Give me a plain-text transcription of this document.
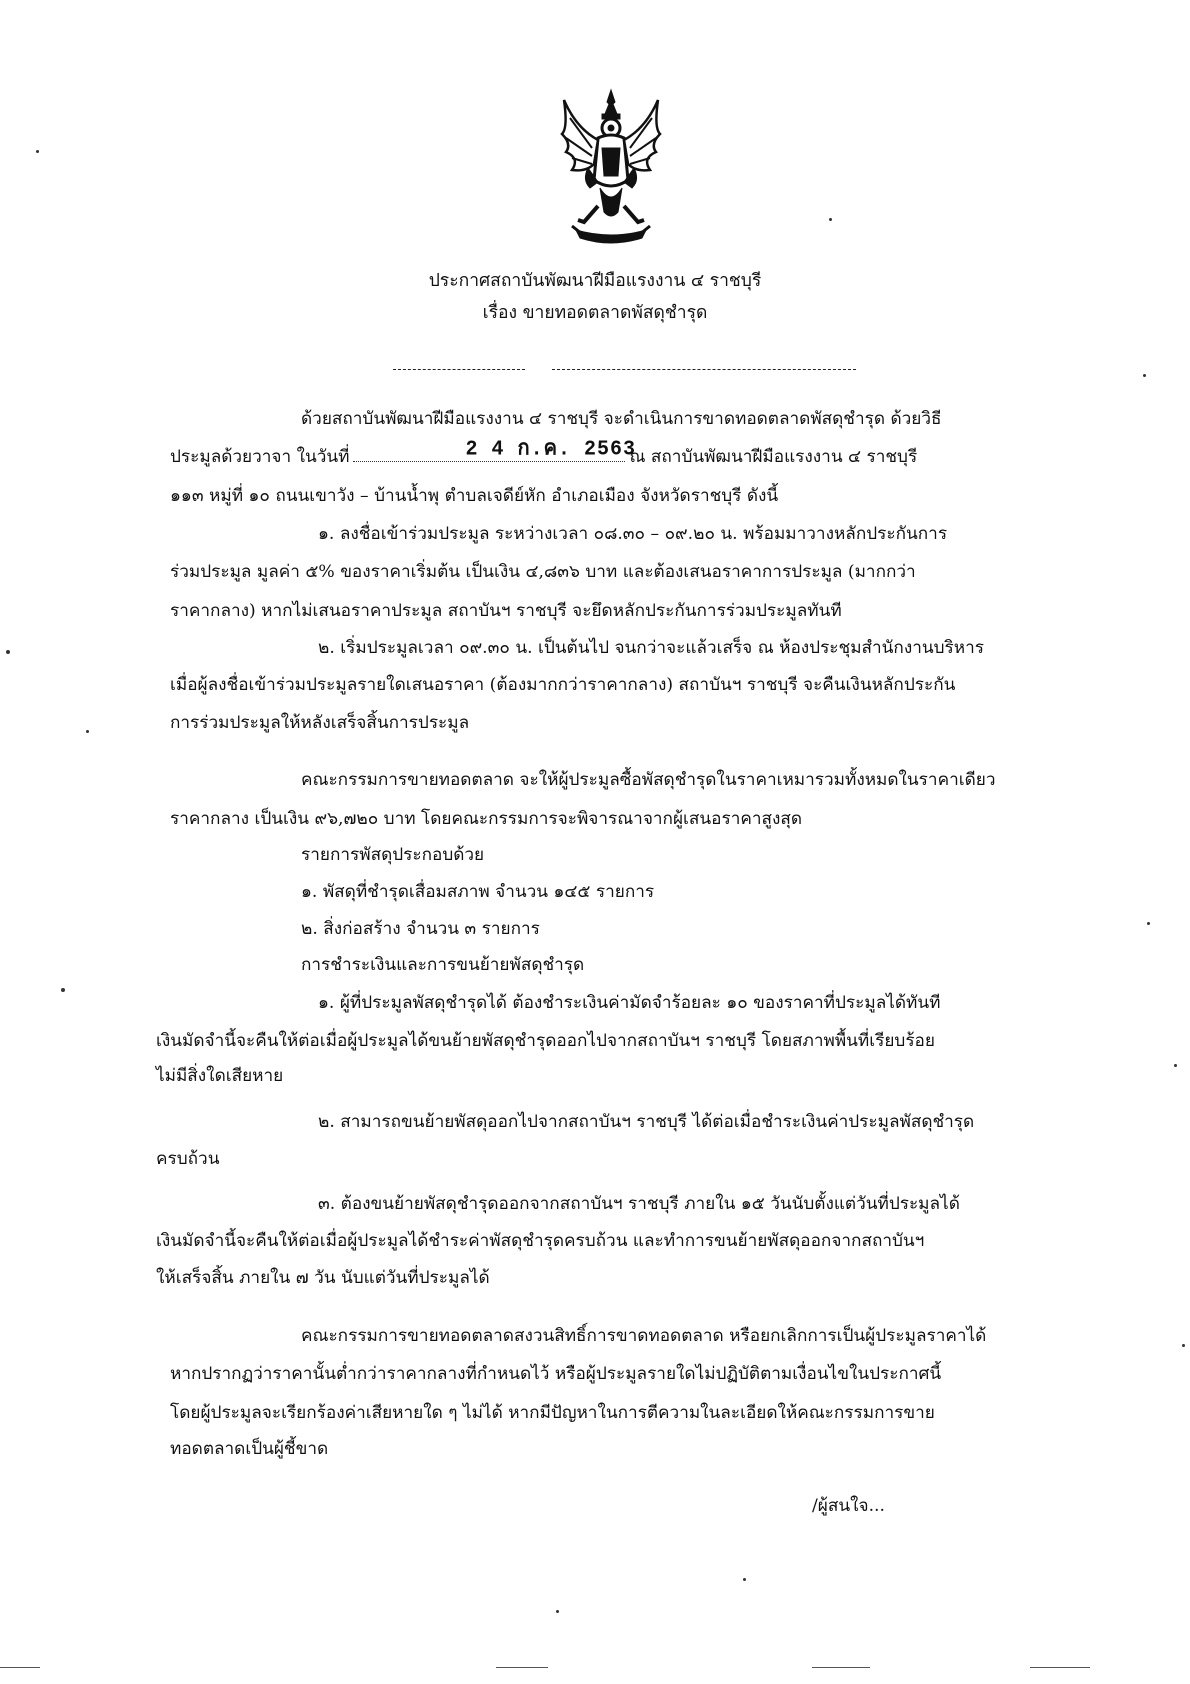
ประกาศสถาบันพัฒนาฝีมือแรงงาน ๔ ราชบุรี
เรื่อง ขายทอดตลาดพัสดุชำรุด
ด้วยสถาบันพัฒนาฝีมือแรงงาน ๔ ราชบุรี จะดำเนินการขาดทอดตลาดพัสดุชำรุด ด้วยวิธี
ประมูลด้วยวาจา ในวันที่	2 4 ก.ค. 2563
ณ สถาบันพัฒนาฝีมือแรงงาน ๔ ราชบุรี
๑๑๓ หมู่ที่ ๑๐ ถนนเขาวัง – บ้านน้ำพุ ตำบลเจดีย์หัก อำเภอเมือง จังหวัดราชบุรี ดังนี้
๑. ลงชื่อเข้าร่วมประมูล ระหว่างเวลา ๐๘.๓๐ – ๐๙.๒๐ น. พร้อมมาวางหลักประกันการ
ร่วมประมูล มูลค่า ๕% ของราคาเริ่มต้น เป็นเงิน ๔,๘๓๖ บาท และต้องเสนอราคาการประมูล (มากกว่า
ราคากลาง) หากไม่เสนอราคาประมูล สถาบันฯ ราชบุรี จะยึดหลักประกันการร่วมประมูลทันที
๒. เริ่มประมูลเวลา ๐๙.๓๐ น. เป็นต้นไป จนกว่าจะแล้วเสร็จ ณ ห้องประชุมสำนักงานบริหาร
เมื่อผู้ลงชื่อเข้าร่วมประมูลรายใดเสนอราคา (ต้องมากกว่าราคากลาง) สถาบันฯ ราชบุรี จะคืนเงินหลักประกัน
การร่วมประมูลให้หลังเสร็จสิ้นการประมูล
คณะกรรมการขายทอดตลาด จะให้ผู้ประมูลซื้อพัสดุชำรุดในราคาเหมารวมทั้งหมดในราคาเดียว
ราคากลาง เป็นเงิน ๙๖,๗๒๐ บาท โดยคณะกรรมการจะพิจารณาจากผู้เสนอราคาสูงสุด
รายการพัสดุประกอบด้วย
๑. พัสดุที่ชำรุดเสื่อมสภาพ จำนวน ๑๔๕ รายการ
๒. สิ่งก่อสร้าง จำนวน ๓ รายการ
การชำระเงินและการขนย้ายพัสดุชำรุด
๑. ผู้ที่ประมูลพัสดุชำรุดได้ ต้องชำระเงินค่ามัดจำร้อยละ ๑๐ ของราคาที่ประมูลได้ทันที
เงินมัดจำนี้จะคืนให้ต่อเมื่อผู้ประมูลได้ขนย้ายพัสดุชำรุดออกไปจากสถาบันฯ ราชบุรี โดยสภาพพื้นที่เรียบร้อย
ไม่มีสิ่งใดเสียหาย
๒. สามารถขนย้ายพัสดุออกไปจากสถาบันฯ ราชบุรี ได้ต่อเมื่อชำระเงินค่าประมูลพัสดุชำรุด
ครบถ้วน
๓. ต้องขนย้ายพัสดุชำรุดออกจากสถาบันฯ ราชบุรี ภายใน ๑๕ วันนับตั้งแต่วันที่ประมูลได้
เงินมัดจำนี้จะคืนให้ต่อเมื่อผู้ประมูลได้ชำระค่าพัสดุชำรุดครบถ้วน และทำการขนย้ายพัสดุออกจากสถาบันฯ
ให้เสร็จสิ้น ภายใน ๗ วัน นับแต่วันที่ประมูลได้
คณะกรรมการขายทอดตลาดสงวนสิทธิ์การขาดทอดตลาด หรือยกเลิกการเป็นผู้ประมูลราคาได้
หากปรากฏว่าราคานั้นต่ำกว่าราคากลางที่กำหนดไว้ หรือผู้ประมูลรายใดไม่ปฏิบัติตามเงื่อนไขในประกาศนี้
โดยผู้ประมูลจะเรียกร้องค่าเสียหายใด ๆ ไม่ได้ หากมีปัญหาในการตีความในละเอียดให้คณะกรรมการขาย
ทอดตลาดเป็นผู้ชี้ขาด
/ผู้สนใจ...
